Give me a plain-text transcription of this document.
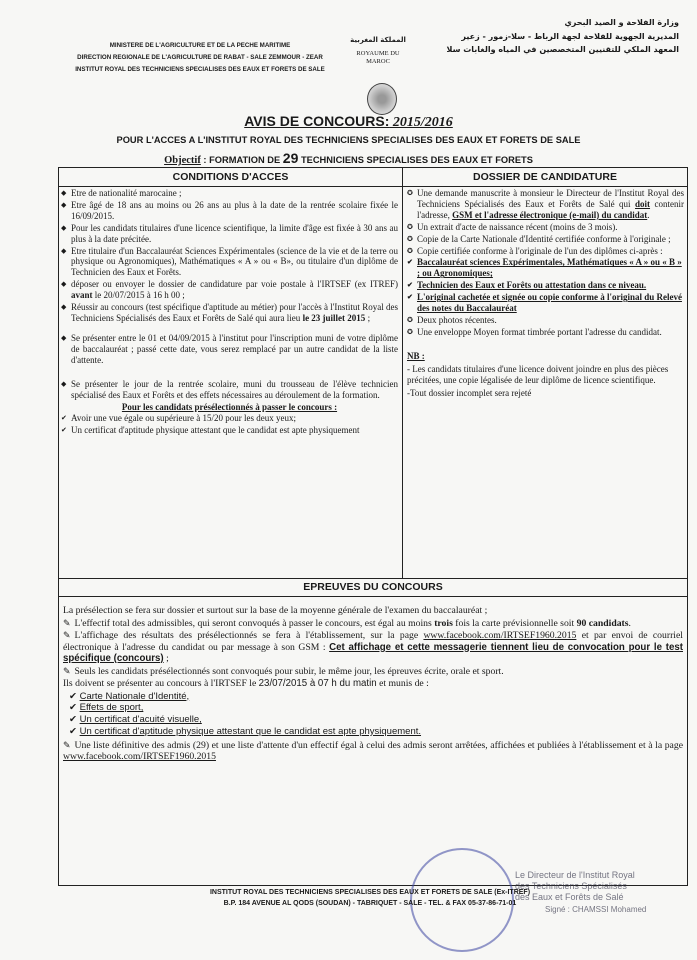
MINISTERE DE L'AGRICULTURE ET DE LA PECHE MARITIME
DIRECTION REGIONALE DE L'AGRICULTURE DE RABAT - SALE ZEMMOUR - ZEAR
INSTITUT ROYAL DES TECHNICIENS SPECIALISES DES EAUX ET FORETS DE SALE
المملكة المغربية
ROYAUME DU MAROC
وزارة الفلاحة و الصيد البحري
المديرية الجهوية للفلاحة لجهة الرباط - سلا-زمور - زعير
المعهد الملكي للتقنيين المتخصصين في المياه والغابات سلا
AVIS DE CONCOURS: 2015/2016
POUR L'ACCES A L'INSTITUT ROYAL DES TECHNICIENS SPECIALISES DES EAUX ET FORETS DE SALE
Objectif : FORMATION DE 29 TECHNICIENS SPECIALISES DES EAUX ET FORETS
CONDITIONS D'ACCES	DOSSIER DE CANDIDATURE
◆ Etre de nationalité marocaine ;
◆ Etre âgé de 18 ans au moins ou 26 ans au plus à la date de la rentrée scolaire fixée le 16/09/2015.
◆ Pour les candidats titulaires d'une licence scientifique, la limite d'âge est fixée à 30 ans au plus à la date précitée.
◆ Etre titulaire d'un Baccalauréat Sciences Expérimentales (science de la vie et de la terre ou physique ou Agronomiques), Mathématiques « A » ou « B», ou titulaire d'un diplôme de Technicien des Eaux et Forêts.
◆ déposer ou envoyer le dossier de candidature par voie postale à l'IRTSEF (ex ITREF) avant le 20/07/2015 à 16 h 00 ;
◆ Réussir au concours (test spécifique d'aptitude au métier) pour l'accès à l'Institut Royal des Techniciens Spécialisés des Eaux et Forêts de Salé qui aura lieu le 23 juillet 2015 ;
◆ Se présenter entre le 01 et 04/09/2015 à l'institut pour l'inscription muni de votre diplôme de baccalauréat ; passé cette date, vous serez remplacé par un autre candidat de la liste d'attente.
◆ Se présenter le jour de la rentrée scolaire, muni du trousseau de l'élève technicien spécialisé des Eaux et Forêts et des effets nécessaires au déroulement de la formation.
Pour les candidats présélectionnés à passer le concours :
✔ Avoir une vue égale ou supérieure à 15/20 pour les deux yeux;
✔ Un certificat d'aptitude physique attestant que le candidat est apte physiquement
✪ Une demande manuscrite à monsieur le Directeur de l'Institut Royal des Techniciens Spécialisés des Eaux et Forêts de Salé qui doit contenir l'adresse, GSM et l'adresse électronique (e-mail) du candidat.
✪ Un extrait d'acte de naissance récent (moins de 3 mois).
✪ Copie de la Carte Nationale d'Identité certifiée conforme à l'originale ;
✪ Copie certifiée conforme à l'originale de l'un des diplômes ci-après :
✔ Baccalauréat sciences Expérimentales, Mathématiques « A » ou « B » ; ou Agronomiques;
✔ Technicien des Eaux et Forêts ou attestation dans ce niveau.
✔ L'original cachetée et signée ou copie conforme à l'original du Relevé des notes du Baccalauréat
✪ Deux photos récentes.
✪ Une enveloppe Moyen format timbrée portant l'adresse du candidat.
NB :
- Les candidats titulaires d'une licence doivent joindre en plus des pièces précitées, une copie légalisée de leur diplôme de licence scientifique.
-Tout dossier incomplet sera rejeté
EPREUVES DU CONCOURS

La présélection se fera sur dossier et surtout sur la base de la moyenne générale de l'examen du baccalauréat ;

✎ L'effectif total des admissibles, qui seront convoqués à passer le concours, est égal au moins trois fois la carte prévisionnelle soit 90 candidats.

✎ L'affichage des résultats des présélectionnés se fera à l'établissement, sur la page www.facebook.com/IRTSEF1960.2015 et par envoi de courriel électronique à l'adresse du candidat ou par message à son GSM : Cet affichage et cette messagerie tiennent lieu de convocation pour le test spécifique (concours) ;

✎ Seuls les candidats présélectionnés sont convoqués pour subir, le même jour, les épreuves écrite, orale et sport.

Ils doivent se présenter au concours à l'IRTSEF le 23/07/2015 à 07 h du matin et munis de :

✔ Carte Nationale d'Identité,
✔ Effets de sport,
✔ Un certificat d'acuité visuelle,
✔ Un certificat d'aptitude physique attestant que le candidat est apte physiquement.

✎ Une liste définitive des admis (29) et une liste d'attente d'un effectif égal à celui des admis seront arrêtées, affichées et publiées à l'établissement et à la page www.facebook.com/IRTSEF1960.2015

INSTITUT ROYAL DES TECHNICIENS SPECIALISES DES EAUX ET FORETS DE SALE (Ex-ITREF)
B.P. 184 AVENUE AL QODS (SOUDAN) - TABRIQUET - SALE - TEL. & FAX 05-37-86-71-01
Le Directeur de l'Institut Royal
des Techniciens Spécialisés
des Eaux et Forêts de Salé
Signé : CHAMSSI Mohamed
